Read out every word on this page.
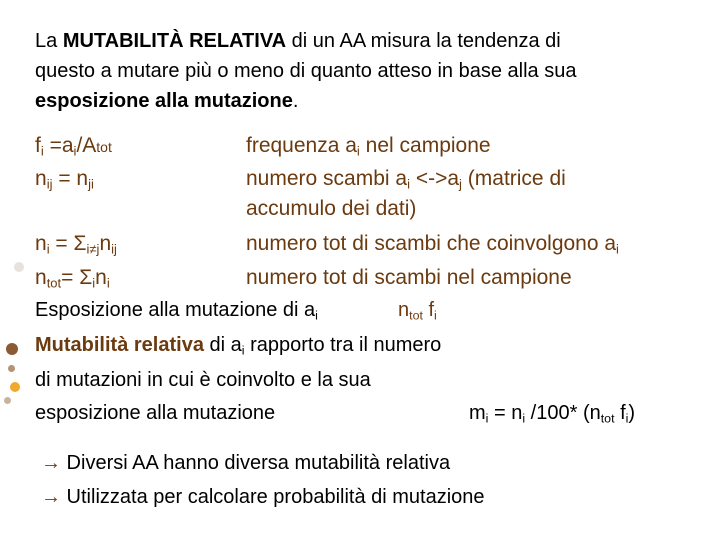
La MUTABILITÀ RELATIVA di un AA misura la tendenza di
questo a mutare più o meno di quanto atteso in base alla sua
esposizione alla mutazione.
$f_i$ $=a_i$/Atot	frequenza $a_i$ nel campione
$n_{ij} = n_{ji}$	numero scambi $a_i <->a_j$ (matrice di
accumulo dei dati)
$n_i = \Sigma_{i\ne j}n_{ij}$	numero tot di scambi che coinvolgono $a_i$
$n_{tot}= \Sigma_in_i$	numero tot di scambi nel campione
Esposizione alla mutazione di $a_i$	$n_{tot}$ $f_i$
Mutabilità relativa di $a_i$ rapporto tra il numero
di mutazioni in cui è coinvolto e la sua
esposizione alla mutazione	$m_i = n_i$ /100* ($n_{tot}$ $f_i$)
→ Diversi AA hanno diversa mutabilità relativa
→ Utilizzata per calcolare probabilità di mutazione
